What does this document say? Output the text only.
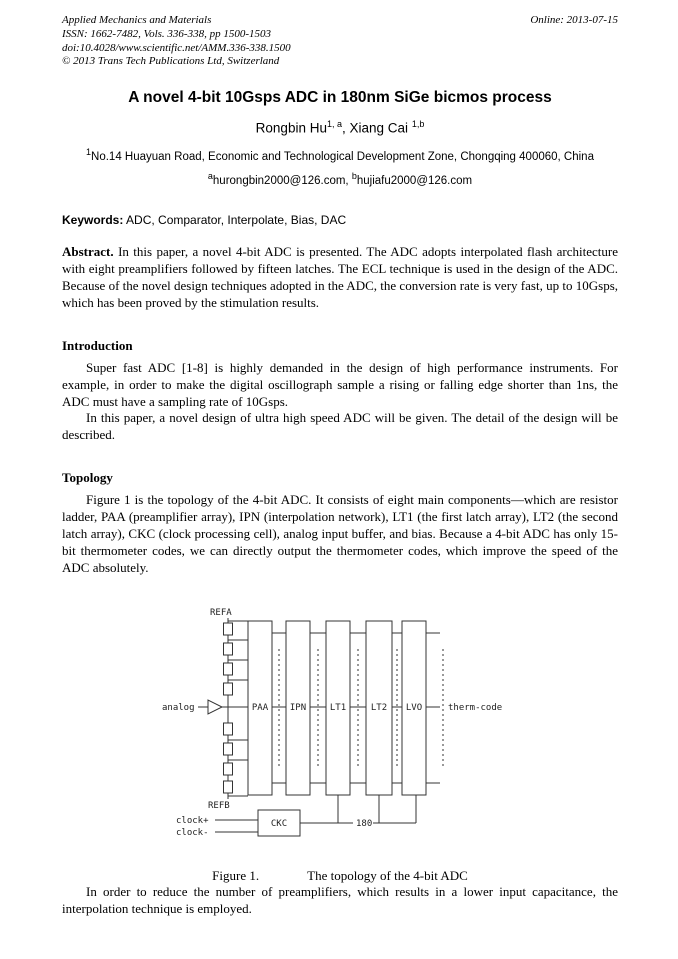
Applied Mechanics and Materials
ISSN: 1662-7482, Vols. 336-338, pp 1500-1503
doi:10.4028/www.scientific.net/AMM.336-338.1500
© 2013 Trans Tech Publications Ltd, Switzerland
Online: 2013-07-15
A novel 4-bit 10Gsps ADC in 180nm SiGe bicmos process
Rongbin Hu$^{1, a}$, Xiang Cai $^{1,b}$
$^1$No.14 Huayuan Road, Economic and Technological Development Zone, Chongqing 400060, China
$^a$hurongbin2000@126.com, $^b$hujiafu2000@126.com
Keywords: ADC, Comparator, Interpolate, Bias, DAC

Abstract. In this paper, a novel 4-bit ADC is presented. The ADC adopts interpolated flash architecture with eight preamplifiers followed by fifteen latches. The ECL technique is used in the design of the ADC. Because of the novel design techniques adopted in the ADC, the conversion rate is very fast, up to 10Gsps, which has been proved by the stimulation results.

Introduction

Super fast ADC [1-8] is highly demanded in the design of high performance instruments. For example, in order to make the digital oscillograph sample a rising or falling edge shorter than 1ns, the ADC must have a sampling rate of 10Gsps.

In this paper, a novel design of ultra high speed ADC will be given. The detail of the design will be described.

Topology

Figure 1 is the topology of the 4-bit ADC. It consists of eight main components—which are resistor ladder, PAA (preamplifier array), IPN (interpolation network), LT1 (the first latch array), LT2 (the second latch array), CKC (clock processing cell), analog input buffer, and bias. Because a 4-bit ADC has only 15-bit thermometer codes, we can directly output the thermometer codes, which improve the speed of the ADC absolutely.

REFA
analog	PAA IPN	LT1	LT2 LVO	therm-code
REFB
clock+
clock-
CKC	180
Figure 1.	The topology of the 4-bit ADC

In order to reduce the number of preamplifiers, which results in a lower input capacitance, the interpolation technique is employed.
